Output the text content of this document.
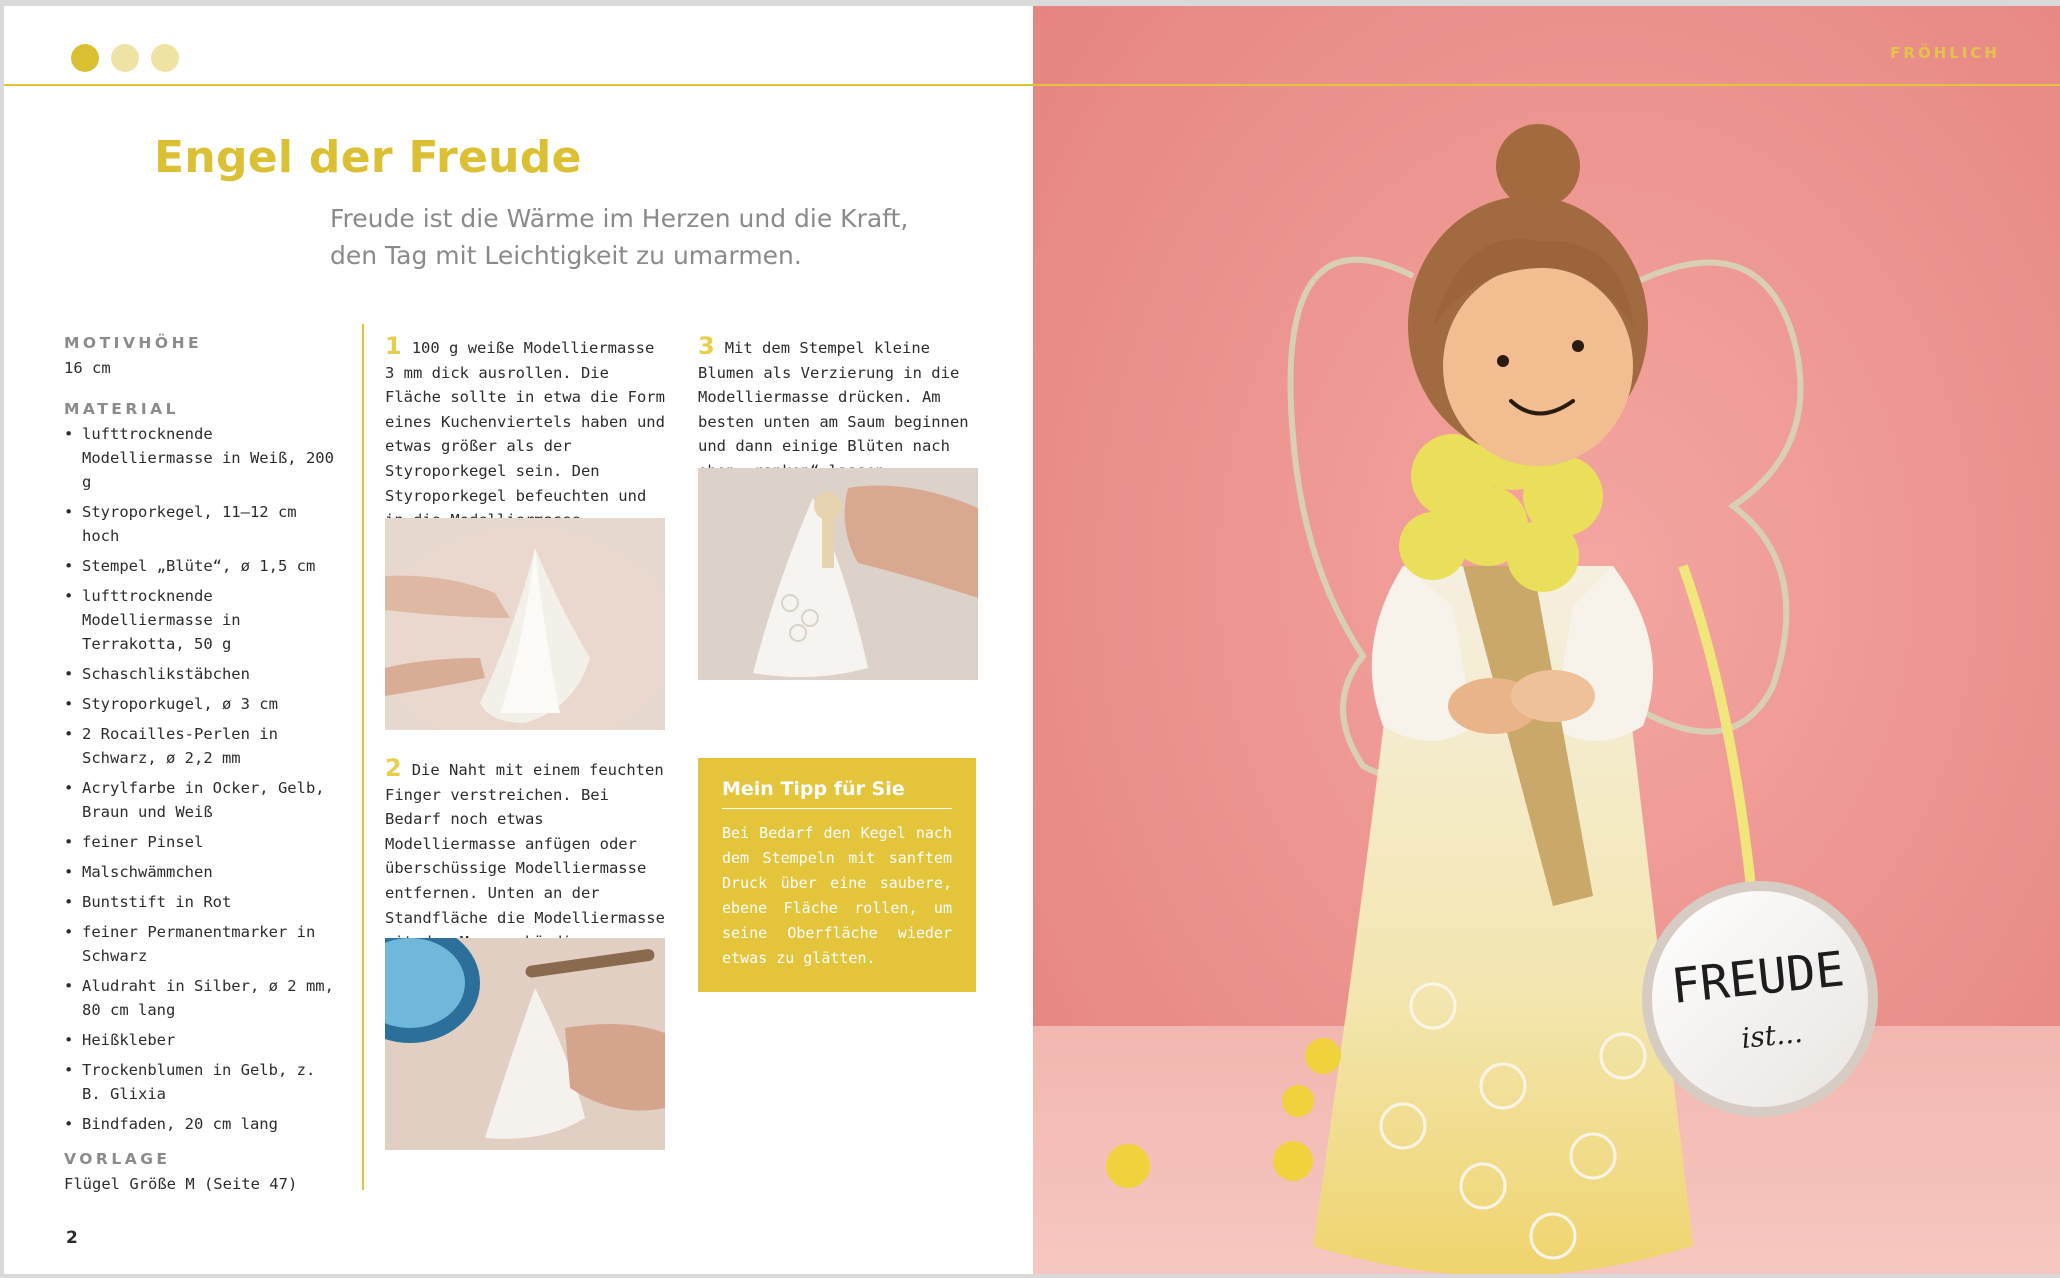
Engel der Freude
Freude ist die Wärme im Herzen und die Kraft,
den Tag mit Leichtigkeit zu umarmen.
MOTIVHÖHE
16 cm
MATERIAL
• lufttrocknende Modelliermasse in Weiß, 200 g
• Styroporkegel, 11–12 cm hoch
• Stempel „Blüte“, ø 1,5 cm
• lufttrocknende Modelliermasse in Terrakotta, 50 g
• Schaschlikstäbchen
• Styroporkugel, ø 3 cm
• 2 Rocailles-Perlen in Schwarz, ø 2,2 mm
• Acrylfarbe in Ocker, Gelb, Braun und Weiß
• feiner Pinsel
• Malschwämmchen
• Buntstift in Rot
• feiner Permanentmarker in Schwarz
• Aludraht in Silber, ø 2 mm, 80 cm lang
• Heißkleber
• Trockenblumen in Gelb, z. B. Glixia
• Bindfaden, 20 cm lang
VORLAGE
Flügel Größe M (Seite 47)
1 100 g weiße Modelliermasse 3 mm dick ausrollen. Die Fläche sollte in etwa die Form eines Kuchenviertels haben und etwas größer als der Styroporkegel sein. Den Styroporkegel befeuchten und
2 Die Naht mit einem feuchten Finger verstreichen. Bei Bedarf noch etwas Modelliermasse anfügen oder überschüssige Modelliermasse entfernen. Unten an der Standfläche die Modelliermasse
3 Mit dem Stempel kleine Blumen als Verzierung in die Modelliermasse drücken. Am besten unten am Saum beginnen und dann einige Blüten nach
Mein Tipp für Sie
Bei Bedarf den Kegel nach dem Stempeln mit sanftem Druck über eine saubere, ebene Fläche rollen, um seine Oberfläche wieder etwas zu glätten.
2
FREUDE
ist...
FRÖHLICH
